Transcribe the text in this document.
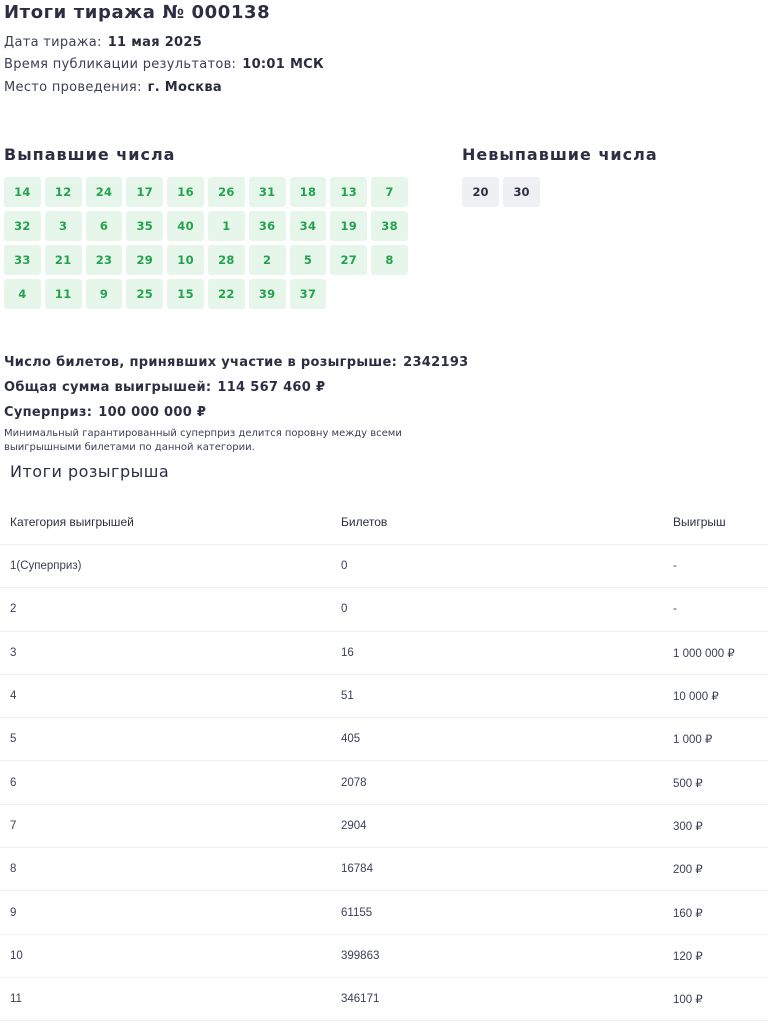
Итоги тиража № 000138
Дата тиража: 11 мая 2025
Время публикации результатов: 10:01 МСК
Место проведения: г. Москва
Выпавшие числа	Невыпавшие числа
14	12	24	17	16	26	31	18	13	7
32	3	6	35	40	1	36	34	19	38
33	21	23	29	10	28	2	5	27	8
4	11	9	25	15	22	39	37
20	30
Число билетов, принявших участие в розыгрыше: 2342193
Общая сумма выигрышей: 114 567 460 ₽
Суперприз: 100 000 000 ₽
Минимальный гарантированный суперприз делится поровну между всеми выигрышными билетами по данной категории.
Итоги розыгрыша
Категория выигрышей	Билетов	Выигрыш
1(Суперприз)	0	-
2	0	-
3	16	1 000 000 ₽
4	51	10 000 ₽
5	405	1 000 ₽
6	2078	500 ₽
7	2904	300 ₽
8	16784	200 ₽
9	61155	160 ₽
10	399863	120 ₽
11	346171	100 ₽
